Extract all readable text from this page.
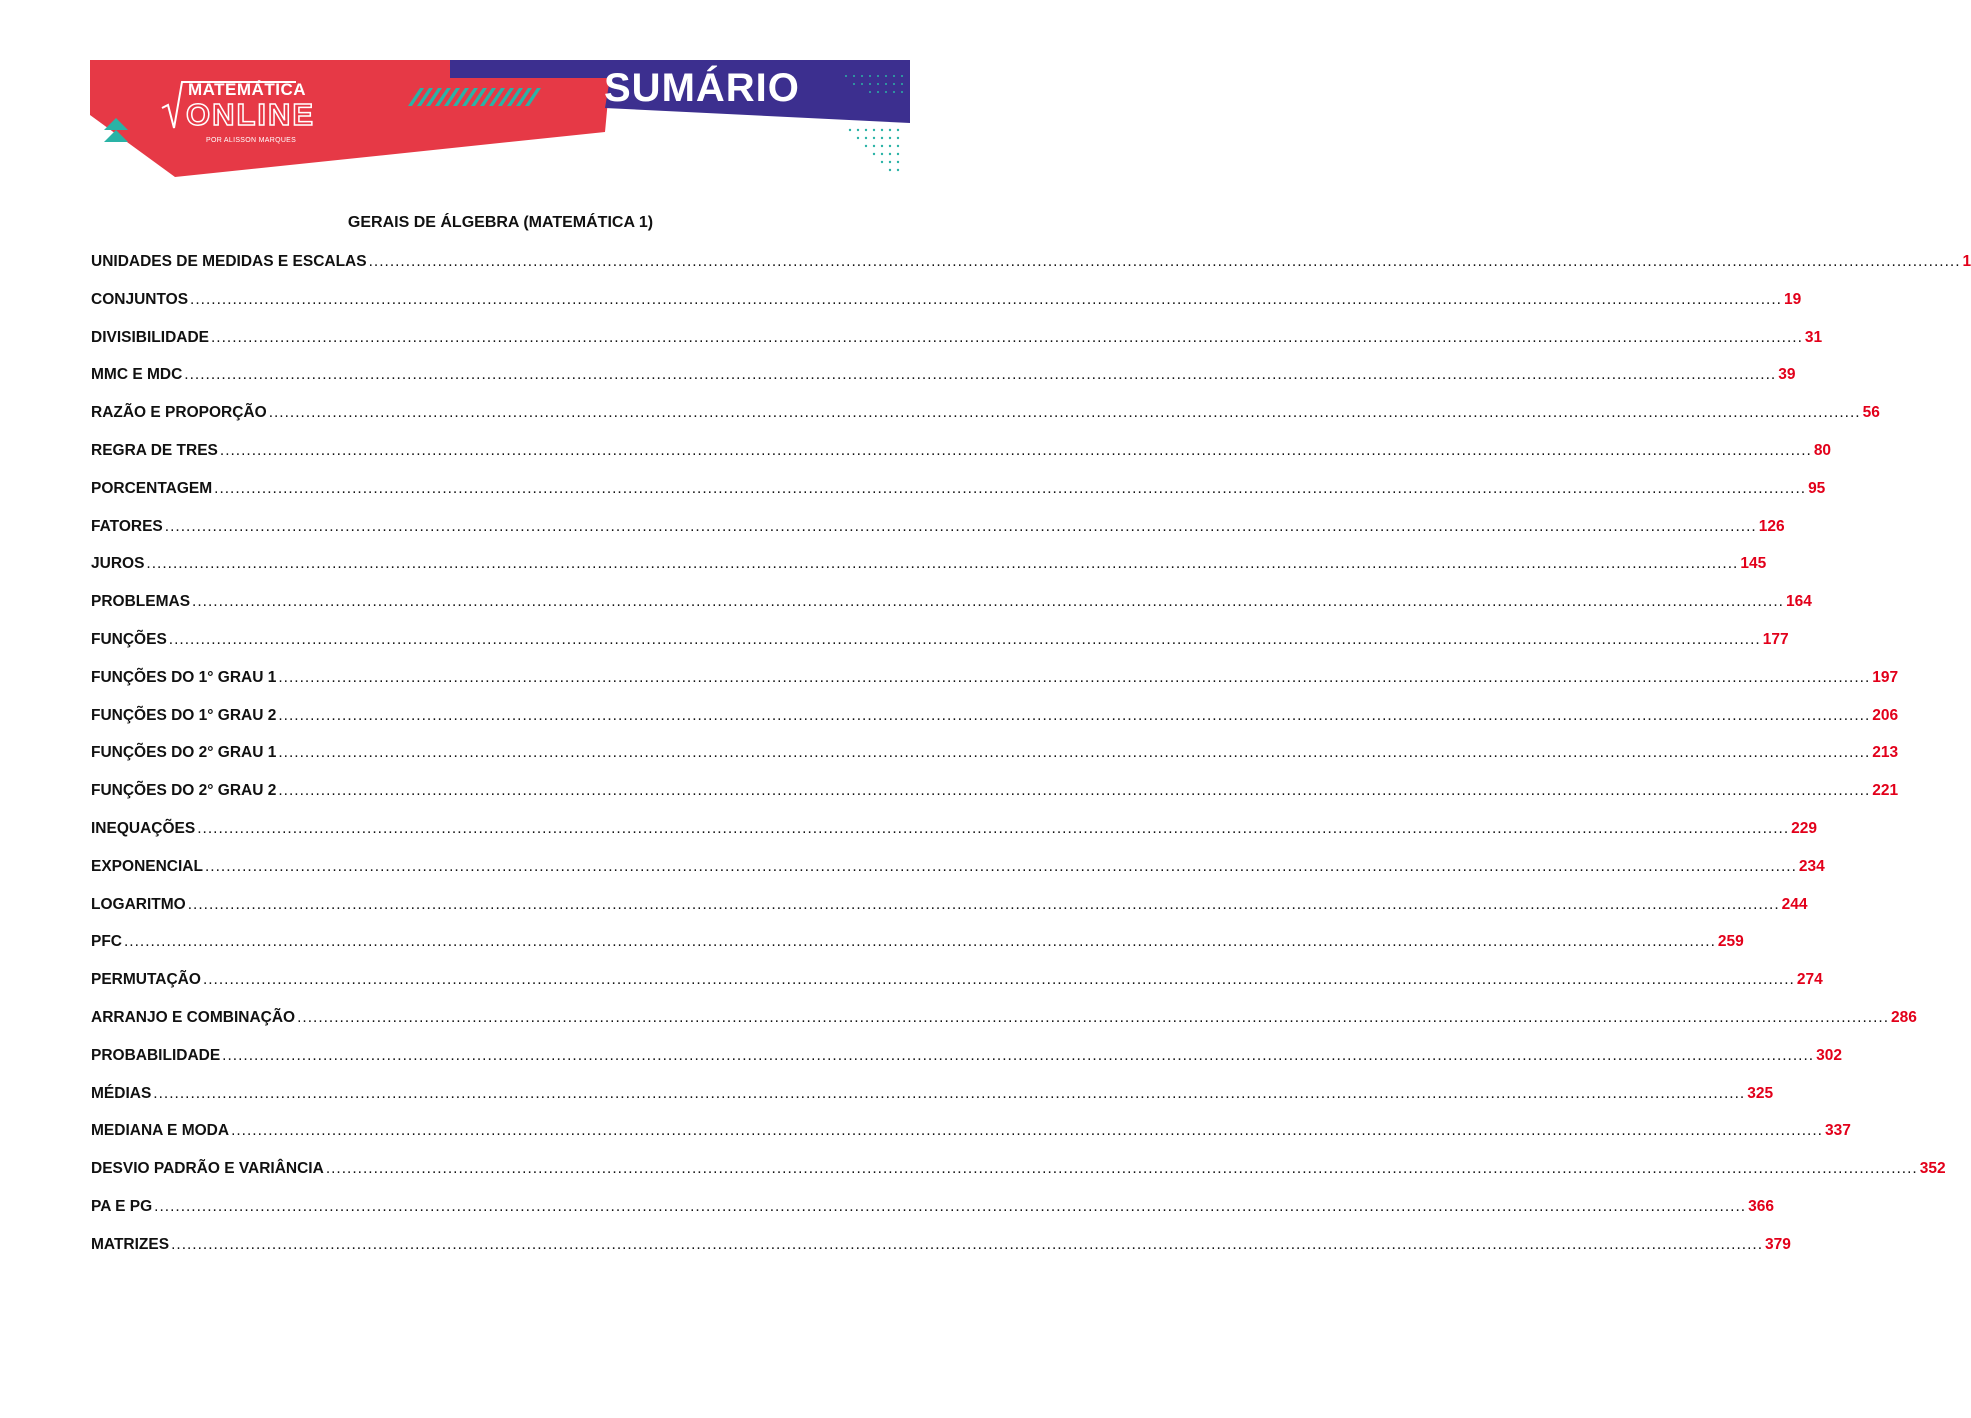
MATEMÁTICA
ONLINE
POR ALISSON MARQUES
SUMÁRIO
GERAIS DE ÁLGEBRA (MATEMÁTICA 1)
UNIDADES DE MEDIDAS E ESCALAS ............................................................................................................................................................................................................................................................................................................ 1
CONJUNTOS ............................................................................................................................................................................................................................................................................................................ 19
DIVISIBILIDADE ............................................................................................................................................................................................................................................................................................................ 31
MMC E MDC ............................................................................................................................................................................................................................................................................................................ 39
RAZÃO E PROPORÇÃO ............................................................................................................................................................................................................................................................................................................ 56
REGRA DE TRES ............................................................................................................................................................................................................................................................................................................ 80
PORCENTAGEM ............................................................................................................................................................................................................................................................................................................ 95
FATORES ............................................................................................................................................................................................................................................................................................................ 126
JUROS ............................................................................................................................................................................................................................................................................................................ 145
PROBLEMAS ............................................................................................................................................................................................................................................................................................................ 164
FUNÇÕES ............................................................................................................................................................................................................................................................................................................ 177
FUNÇÕES DO 1° GRAU 1 ............................................................................................................................................................................................................................................................................................................ 197
FUNÇÕES DO 1° GRAU 2 ............................................................................................................................................................................................................................................................................................................ 206
FUNÇÕES DO 2° GRAU 1 ............................................................................................................................................................................................................................................................................................................ 213
FUNÇÕES DO 2° GRAU 2 ............................................................................................................................................................................................................................................................................................................ 221
INEQUAÇÕES ............................................................................................................................................................................................................................................................................................................ 229
EXPONENCIAL ............................................................................................................................................................................................................................................................................................................ 234
LOGARITMO ............................................................................................................................................................................................................................................................................................................ 244
PFC ............................................................................................................................................................................................................................................................................................................ 259
PERMUTAÇÃO ............................................................................................................................................................................................................................................................................................................ 274
ARRANJO E COMBINAÇÃO ............................................................................................................................................................................................................................................................................................................ 286
PROBABILIDADE ............................................................................................................................................................................................................................................................................................................ 302
MÉDIAS ............................................................................................................................................................................................................................................................................................................ 325
MEDIANA E MODA ............................................................................................................................................................................................................................................................................................................ 337
DESVIO PADRÃO E VARIÂNCIA ............................................................................................................................................................................................................................................................................................................ 352
PA E PG ............................................................................................................................................................................................................................................................................................................ 366
MATRIZES ............................................................................................................................................................................................................................................................................................................ 379
